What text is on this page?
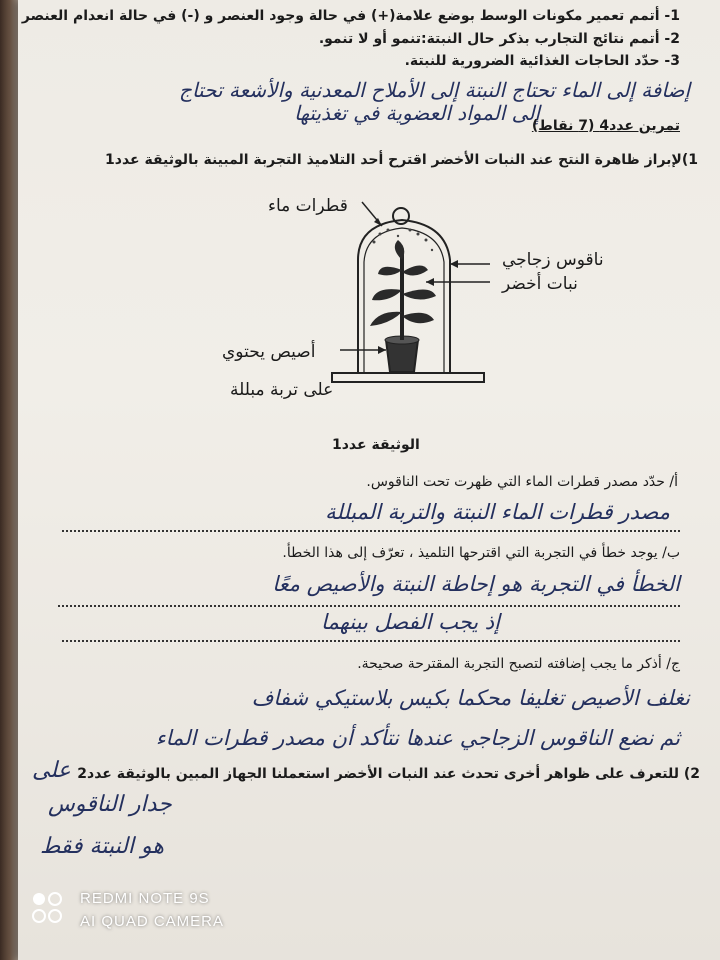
1- أتمم تعمير مكونات الوسط بوضع علامة(+) في حالة وجود العنصر و (-) في حالة انعدام العنصر
2- أتمم نتائج التجارب بذكر حال النبتة:تنمو أو لا تنمو.
3- حدّد الحاجات الغذائية الضرورية للنبتة.
إضافة إلى الماء تحتاج النبتة إلى الأملاح المعدنية والأشعة تحتاج
إلى المواد العضوية في تغذيتها
تمرين عدد4 (7 نقاط)
1)لإبراز ظاهرة النتح عند النبات الأخضر اقترح أحد التلاميذ التجربة المبينة بالوثيقة عدد1
قطرات ماء
ناقوس زجاجي
نبات أخضر
أصيص يحتوي
على تربة مبللة
الوثيقة عدد1
أ/ حدّد مصدر قطرات الماء التي ظهرت تحت الناقوس.
مصدر قطرات الماء النبتة والتربة المبللة
ب/ يوجد خطأ في التجربة التي اقترحها التلميذ ، تعرّف إلى هذا الخطأ.
الخطأ في التجربة هو إحاطة النبتة والأصيص معًا
إذ يجب الفصل بينهما
ج/ أذكر ما يجب إضافته لتصبح التجربة المقترحة صحيحة.
نغلف الأصيص تغليفا محكما بكيس بلاستيكي شفاف
ثم نضع الناقوس الزجاجي عندها نتأكد أن مصدر قطرات الماء
2) للتعرف على ظواهر أخرى تحدث عند النبات الأخضر استعملنا الجهاز المبين بالوثيقة عدد2
على
جدار الناقوس
هو النبتة فقط
REDMI NOTE 9S
AI QUAD CAMERA
